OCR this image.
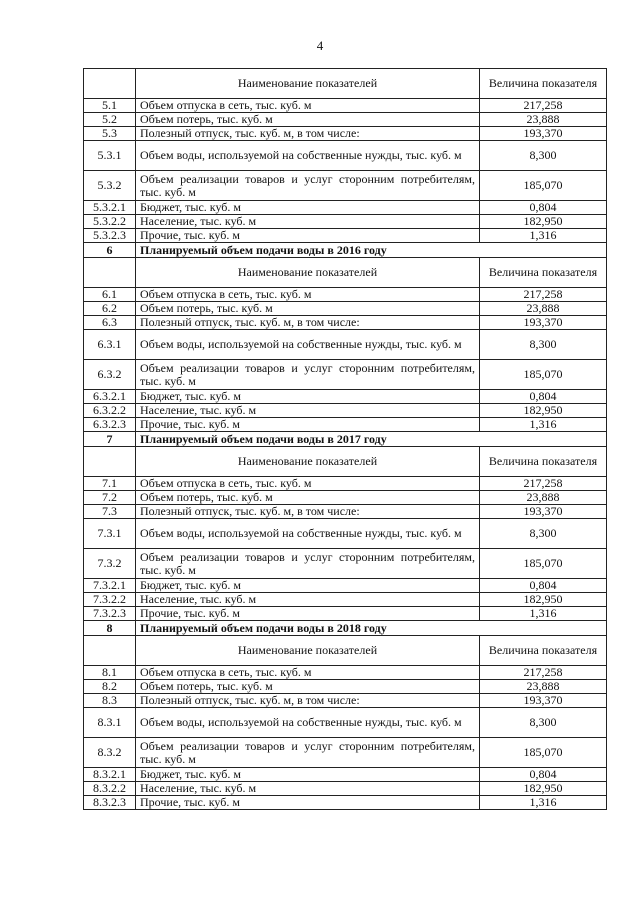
4
	Наименование показателей	Величина показателя
5.1	Объем отпуска в сеть, тыс. куб. м	217,258
5.2	Объем потерь, тыс. куб. м	23,888
5.3	Полезный отпуск, тыс. куб. м, в том числе:	193,370
5.3.1	Объем воды, используемой на собственные нужды, тыс. куб. м	8,300
5.3.2	Объем реализации товаров и услуг сторонним потребителям, тыс. куб. м	185,070
5.3.2.1	Бюджет, тыс. куб. м	0,804
5.3.2.2	Население, тыс. куб. м	182,950
5.3.2.3	Прочие, тыс. куб. м	1,316
6	Планируемый объем подачи воды в 2016 году	
	Наименование показателей	Величина показателя
6.1	Объем отпуска в сеть, тыс. куб. м	217,258
6.2	Объем потерь, тыс. куб. м	23,888
6.3	Полезный отпуск, тыс. куб. м, в том числе:	193,370
6.3.1	Объем воды, используемой на собственные нужды, тыс. куб. м	8,300
6.3.2	Объем реализации товаров и услуг сторонним потребителям, тыс. куб. м	185,070
6.3.2.1	Бюджет, тыс. куб. м	0,804
6.3.2.2	Население, тыс. куб. м	182,950
6.3.2.3	Прочие, тыс. куб. м	1,316
7	Планируемый объем подачи воды в 2017 году	
	Наименование показателей	Величина показателя
7.1	Объем отпуска в сеть, тыс. куб. м	217,258
7.2	Объем потерь, тыс. куб. м	23,888
7.3	Полезный отпуск, тыс. куб. м, в том числе:	193,370
7.3.1	Объем воды, используемой на собственные нужды, тыс. куб. м	8,300
7.3.2	Объем реализации товаров и услуг сторонним потребителям, тыс. куб. м	185,070
7.3.2.1	Бюджет, тыс. куб. м	0,804
7.3.2.2	Население, тыс. куб. м	182,950
7.3.2.3	Прочие, тыс. куб. м	1,316
8	Планируемый объем подачи воды в 2018 году	
	Наименование показателей	Величина показателя
8.1	Объем отпуска в сеть, тыс. куб. м	217,258
8.2	Объем потерь, тыс. куб. м	23,888
8.3	Полезный отпуск, тыс. куб. м, в том числе:	193,370
8.3.1	Объем воды, используемой на собственные нужды, тыс. куб. м	8,300
8.3.2	Объем реализации товаров и услуг сторонним потребителям, тыс. куб. м	185,070
8.3.2.1	Бюджет, тыс. куб. м	0,804
8.3.2.2	Население, тыс. куб. м	182,950
8.3.2.3	Прочие, тыс. куб. м	1,316
